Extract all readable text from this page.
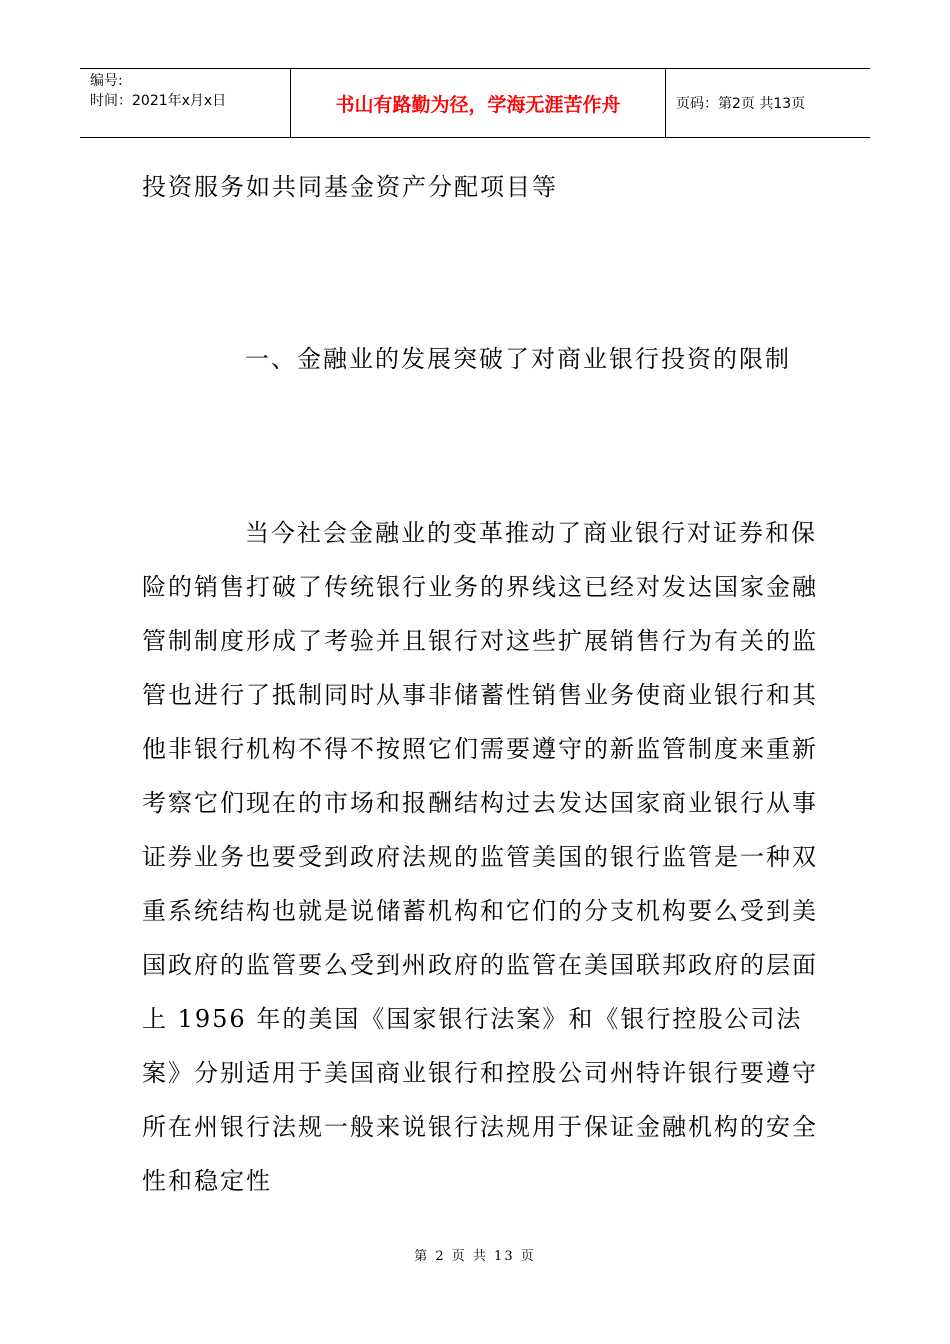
编号:
时间：2021年x月x日	书山有路勤为径，学海无涯苦作舟	页码：第2页 共13页
投资服务如共同基金资产分配项目等
一、金融业的发展突破了对商业银行投资的限制
当今社会金融业的变革推动了商业银行对证券和保
险的销售打破了传统银行业务的界线这已经对发达国家金融
管制制度形成了考验并且银行对这些扩展销售行为有关的监
管也进行了抵制同时从事非储蓄性销售业务使商业银行和其
他非银行机构不得不按照它们需要遵守的新监管制度来重新
考察它们现在的市场和报酬结构过去发达国家商业银行从事
证券业务也要受到政府法规的监管美国的银行监管是一种双
重系统结构也就是说储蓄机构和它们的分支机构要么受到美
国政府的监管要么受到州政府的监管在美国联邦政府的层面
上 1956 年的美国《国家银行法案》和《银行控股公司法
案》分别适用于美国商业银行和控股公司州特许银行要遵守
所在州银行法规一般来说银行法规用于保证金融机构的安全
性和稳定性
第 2 页 共 13 页
